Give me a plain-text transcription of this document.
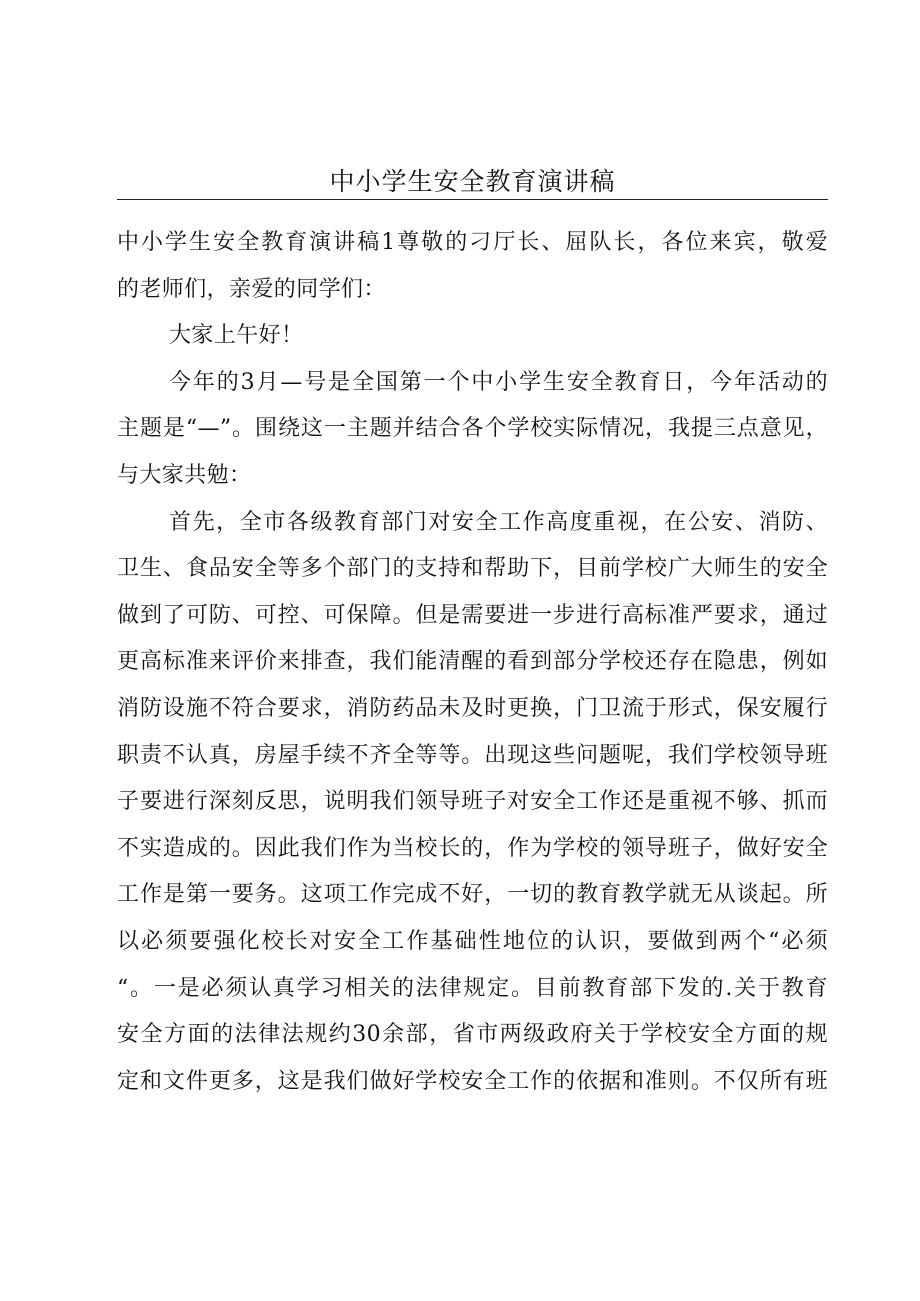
中小学生安全教育演讲稿
中小学生安全教育演讲稿1尊敬的刁厅长、屈队长，各位来宾，敬爱
的老师们，亲爱的同学们：
大家上午好！
今年的3月—号是全国第一个中小学生安全教育日，今年活动的
主题是“—”。围绕这一主题并结合各个学校实际情况，我提三点意见，
与大家共勉：
首先，全市各级教育部门对安全工作高度重视，在公安、消防、
卫生、食品安全等多个部门的支持和帮助下，目前学校广大师生的安全
做到了可防、可控、可保障。但是需要进一步进行高标准严要求，通过
更高标准来评价来排查，我们能清醒的看到部分学校还存在隐患，例如
消防设施不符合要求，消防药品未及时更换，门卫流于形式，保安履行
职责不认真，房屋手续不齐全等等。出现这些问题呢，我们学校领导班
子要进行深刻反思，说明我们领导班子对安全工作还是重视不够、抓而
不实造成的。因此我们作为当校长的，作为学校的领导班子，做好安全
工作是第一要务。这项工作完成不好，一切的教育教学就无从谈起。所
以必须要强化校长对安全工作基础性地位的认识，要做到两个“必须
“。一是必须认真学习相关的法律规定。目前教育部下发的.关于教育
安全方面的法律法规约30余部，省市两级政府关于学校安全方面的规
定和文件更多，这是我们做好学校安全工作的依据和准则。不仅所有班
